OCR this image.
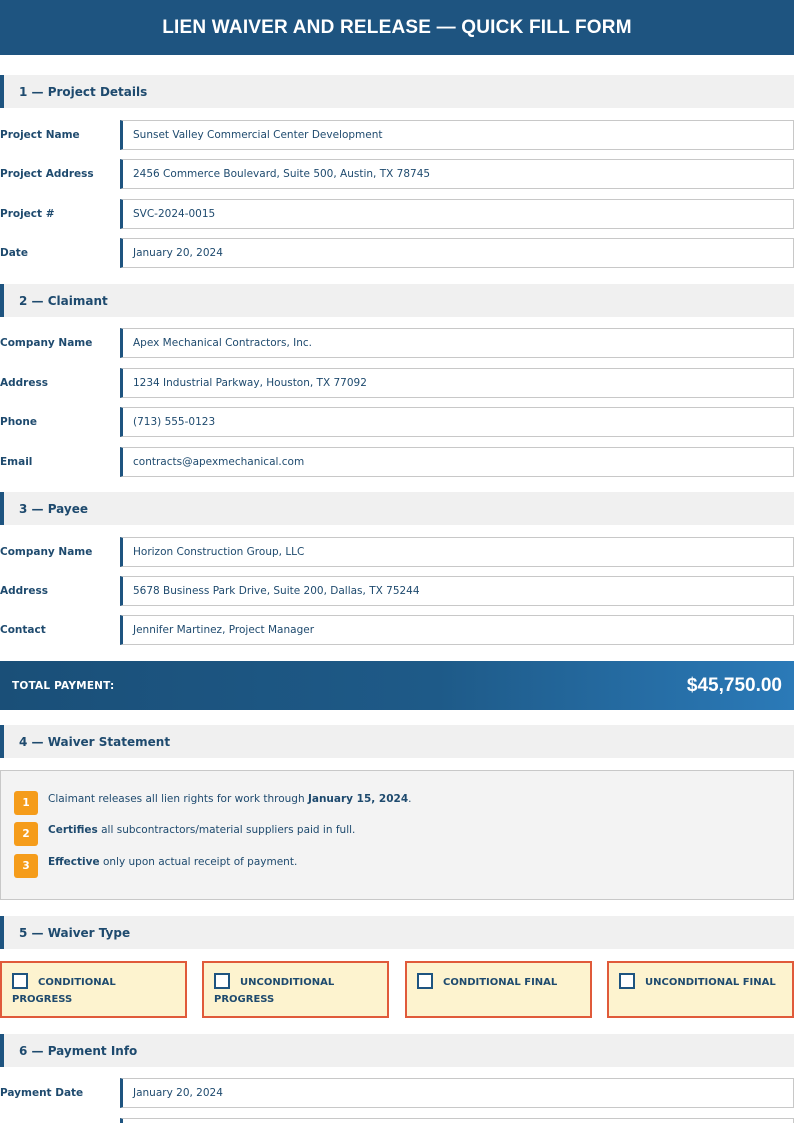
LIEN WAIVER AND RELEASE — QUICK FILL FORM
1 — Project Details
Project Name	Sunset Valley Commercial Center Development
Project Address	2456 Commerce Boulevard, Suite 500, Austin, TX 78745
Project #	SVC-2024-0015
Date	January 20, 2024
2 — Claimant
Company Name	Apex Mechanical Contractors, Inc.
Address	1234 Industrial Parkway, Houston, TX 77092
Phone	(713) 555-0123
Email	contracts@apexmechanical.com
3 — Payee
Company Name	Horizon Construction Group, LLC
Address	5678 Business Park Drive, Suite 200, Dallas, TX 75244
Contact	Jennifer Martinez, Project Manager
TOTAL PAYMENT:	$45,750.00
4 — Waiver Statement
1	Claimant releases all lien rights for work through January 15, 2024.
2	Certifies all subcontractors/material suppliers paid in full.
3	Effective only upon actual receipt of payment.
5 — Waiver Type
CONDITIONAL PROGRESS
UNCONDITIONAL PROGRESS
CONDITIONAL FINAL	UNCONDITIONAL FINAL
6 — Payment Info
Payment Date	January 20, 2024
